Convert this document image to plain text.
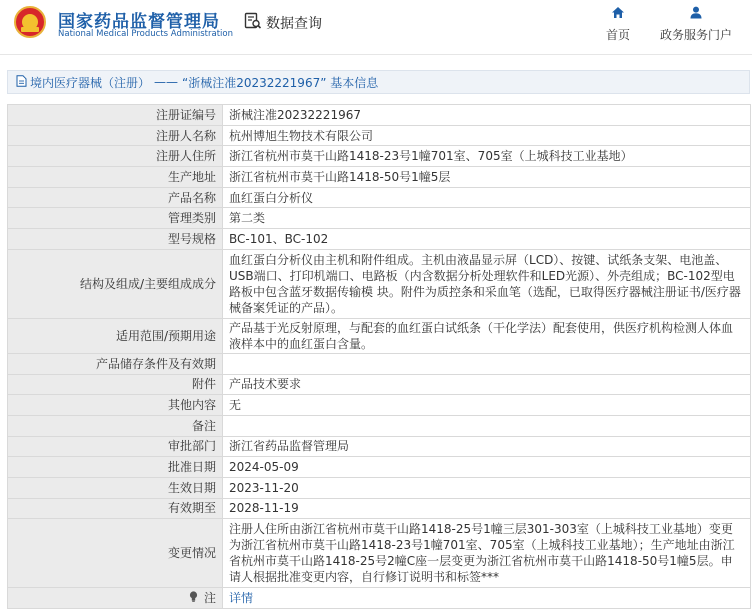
国家药品监督管理局
National Medical Products Administration
数据查询
首页 政务服务门户
境内医疗器械（注册） —— “浙械注准20232221967” 基本信息
注册证编号	浙械注准20232221967
注册人名称	杭州博旭生物技术有限公司
注册人住所	浙江省杭州市莫干山路1418-23号1幢701室、705室（上城科技工业基地）
生产地址	浙江省杭州市莫干山路1418-50号1幢5层
产品名称	血红蛋白分析仪
管理类别	第二类
型号规格	BC-101、BC-102
结构及组成/主要组成成分	血红蛋白分析仪由主机和附件组成。主机由液晶显示屏（LCD）、按键、试纸条支架、电池盖、USB端口、打印机端口、电路板（内含数据分析处理软件和LED光源）、外壳组成；BC-102型电路板中包含蓝牙数据传输模 块。附件为质控条和采血笔（选配，已取得医疗器械注册证书/医疗器械备案凭证的产品）。
适用范围/预期用途	产品基于光反射原理，与配套的血红蛋白试纸条（干化学法）配套使用，供医疗机构检测人体血液样本中的血红蛋白含量。
产品储存条件及有效期	
附件	产品技术要求
其他内容	无
备注	
审批部门	浙江省药品监督管理局
批准日期	2024-05-09
生效日期	2023-11-20
有效期至	2028-11-19
变更情况	注册人住所由浙江省杭州市莫干山路1418-25号1幢三层301-303室（上城科技工业基地）变更为浙江省杭州市莫干山路1418-23号1幢701室、705室（上城科技工业基地）；生产地址由浙江省杭州市莫干山路1418-25号2幢C座一层变更为浙江省杭州市莫干山路1418-50号1幢5层。申请人根据批准变更内容，自行修订说明书和标签***
注	详情
